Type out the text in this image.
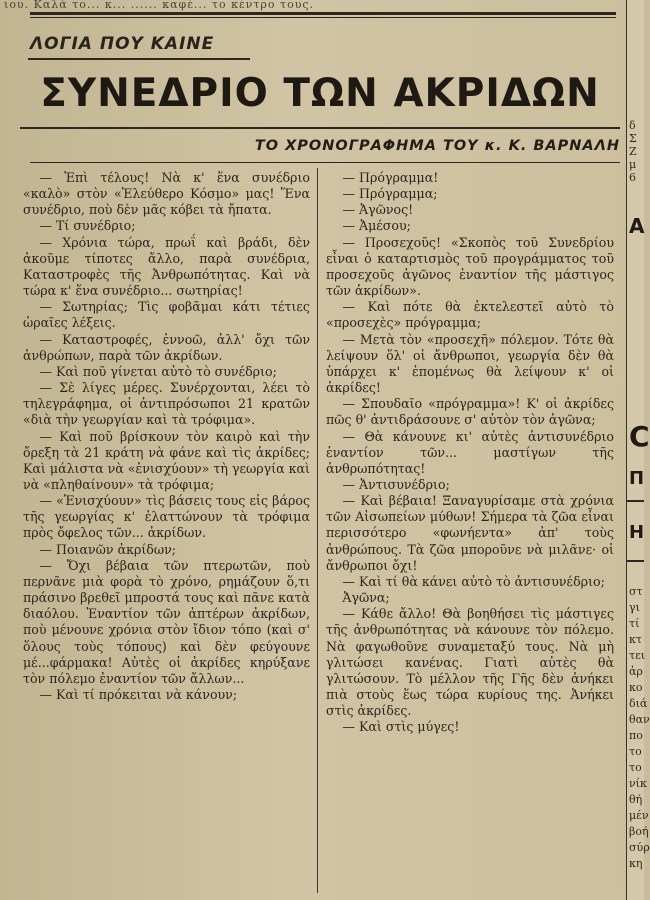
ιου. Καλά το... κ... ...... καφέ... το κέντρο τους.
ΛΟΓΙΑ ΠΟΥ ΚΑΙΝΕ
ΣΥΝΕΔΡΙΟ ΤΩΝ ΑΚΡΙΔΩΝ
ΤΟ ΧΡΟΝΟΓΡΑΦΗΜΑ ΤΟΥ κ. Κ. ΒΑΡΝΑΛΗ

— Ἐπὶ τέλους! Νὰ κ' ἕνα συνέδριο «καλὸ» στὸν «Ἐλεύθερο Κόσμο» μας! Ἕνα συνέδριο, ποὺ δὲν μᾶς κόβει τὰ ἤπατα.

— Τί συνέδριο;

— Χρόνια τώρα, πρωΐ καὶ βράδι, δὲν ἀκοῦμε τίποτες ἄλλο, παρὰ συνέδρια, Καταστροφὲς τῆς Ἀνθρωπότητας. Καὶ νὰ τώρα κ' ἕνα συνέδριο... σωτηρίας!

— Σωτηρίας; Τὶς φοβᾶμαι κάτι τέτιες ὡραῖες λέξεις.

— Καταστροφές, ἐννοῶ, ἀλλ' ὄχι τῶν ἀνθρώπων, παρὰ τῶν ἀκρίδων.

— Καὶ ποῦ γίνεται αὐτὸ τὸ συνέδριο;

— Σὲ λίγες μέρες. Συνέρχονται, λέει τὸ τηλεγράφημα, οἱ ἀντιπρόσωποι 21 κρατῶν «διὰ τὴν γεωργίαν καὶ τὰ τρόφιμα».

— Καὶ ποῦ βρίσκουν τὸν καιρὸ καὶ τὴν ὄρεξη τὰ 21 κράτη νὰ φάνε καὶ τὶς ἀκρίδες; Καὶ μάλιστα νὰ «ἐνισχύουν» τὴ γεωργία καὶ νὰ «πληθαίνουν» τὰ τρόφιμα;

— «Ἐνισχύουν» τὶς βάσεις τους εἰς βάρος τῆς γεωργίας κ' ἐλαττώνουν τὰ τρόφιμα πρὸς ὄφελος τῶν... ἀκρίδων.

— Ποιανῶν ἀκρίδων;

— Ὄχι βέβαια τῶν πτερωτῶν, ποὺ περνᾶνε μιὰ φορὰ τὸ χρόνο, ρημάζουν ὅ,τι πράσινο βρεθεῖ μπροστά τους καὶ πᾶνε κατὰ διαόλου. Ἐναντίον τῶν ἀπτέρων ἀκρίδων, ποὺ μένουνε χρόνια στὸν ἴδιον τόπο (καὶ σ' ὅλους τοὺς τόπους) καὶ δὲν φεύγουνε μέ...φάρμακα! Αὐτὲς οἱ ἀκρίδες κηρύξανε τὸν πόλεμο ἐναντίον τῶν ἄλλων...

— Καὶ τί πρόκειται νὰ κάνουν;

— Πρόγραμμα!

— Πρόγραμμα;

— Ἀγῶνος!

— Ἀμέσου;

— Προσεχοῦς! «Σκοπὸς τοῦ Συνεδρίου εἶναι ὁ καταρτισμὸς τοῦ προγράμματος τοῦ προσεχοῦς ἀγῶνος ἐναντίον τῆς μάστιγος τῶν ἀκρίδων».

— Καὶ πότε θὰ ἐκτελεστεῖ αὐτὸ τὸ «προσεχὲς» πρόγραμμα;

— Μετὰ τὸν «προσεχῆ» πόλεμον. Τότε θὰ λείψουν ὅλ' οἱ ἄνθρωποι, γεωργία δὲν θὰ ὑπάρχει κ' ἐπομένως θὰ λείψουν κ' οἱ ἀκρίδες!

— Σπουδαῖο «πρόγραμμα»! Κ' οἱ ἀκρίδες πῶς θ' ἀντιδράσουνε σ' αὐτὸν τὸν ἀγῶνα;

— Θὰ κάνουνε κι' αὐτὲς ἀντισυνέδριο ἐναντίον τῶν... μαστίγων τῆς ἀνθρωπότητας!

— Ἀντισυνέδριο;

— Καὶ βέβαια! Ξαναγυρίσαμε στὰ χρόνια τῶν Αἰσωπείων μύθων! Σήμερα τὰ ζῶα εἶναι περισσότερο «φωνήεντα» ἀπ' τοὺς ἀνθρώπους. Τὰ ζῶα μποροῦνε νὰ μιλᾶνε· οἱ ἄνθρωποι ὄχι!

— Καὶ τί θὰ κάνει αὐτὸ τὸ ἀντισυνέδριο;

Ἀγῶνα;

— Κάθε ἄλλο! Θὰ βοηθήσει τὶς μάστιγες τῆς ἀνθρωπότητας νὰ κάνουνε τὸν πόλεμο. Νὰ φαγωθοῦνε συναμεταξύ τους. Νὰ μὴ γλιτώσει κανένας. Γιατὶ αὐτὲς θὰ γλιτώσουν. Τὸ μέλλον τῆς Γῆς δὲν ἀνήκει πιὰ στοὺς ἕως τώρα κυρίους της. Ἀνήκει στὶς ἀκρίδες.

— Καὶ στὶς μύγες!

δ
Σ
Ζ
μ
6
Α
C
Π
Η
στ
γι
τί
κτ
τει
ἀρ
κο
διά
θαν
πο
το
το
νίκ
θή
μέν
βοή
σύρ
κη
